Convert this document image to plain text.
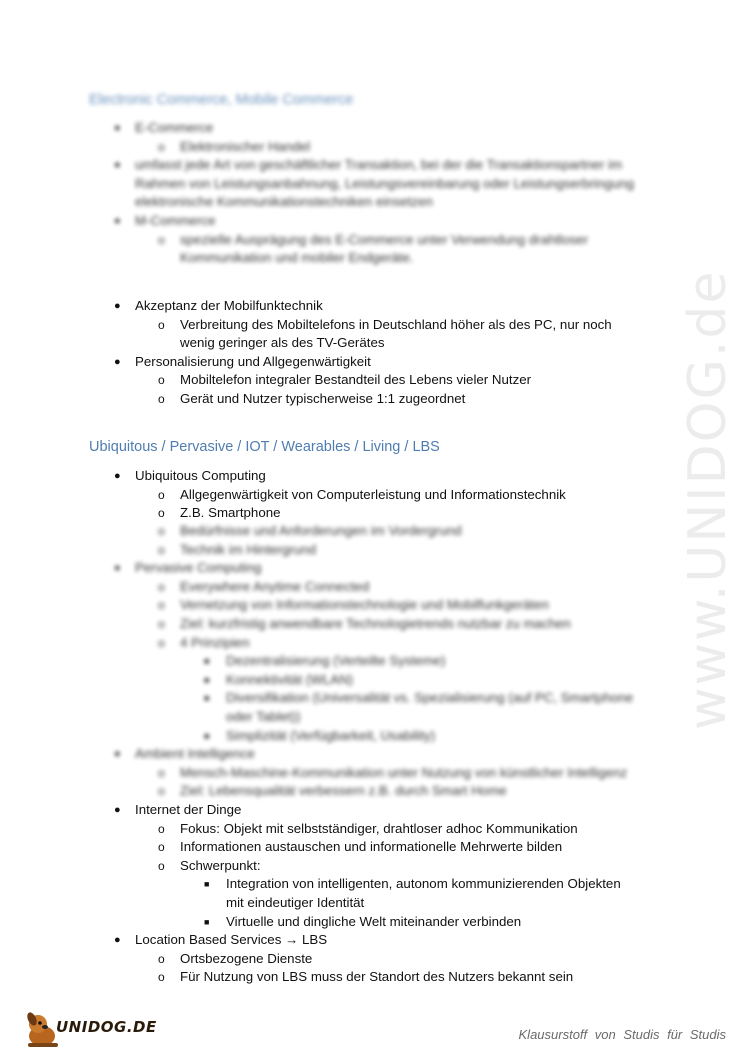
www.UNIDOG.de
Electronic Commerce, Mobile Commerce
● E-Commerce
o Elektronischer Handel
● umfasst jede Art von geschäftlicher Transaktion, bei der die Transaktionspartner im
Rahmen von Leistungsanbahnung, Leistungsvereinbarung oder Leistungserbringung
elektronische Kommunikationstechniken einsetzen
● M-Commerce
o spezielle Ausprägung des E-Commerce unter Verwendung drahtloser
Kommunikation und mobiler Endgeräte.
● Akzeptanz der Mobilfunktechnik
o Verbreitung des Mobiltelefons in Deutschland höher als des PC, nur noch
wenig geringer als des TV-Gerätes
● Personalisierung und Allgegenwärtigkeit
o Mobiltelefon integraler Bestandteil des Lebens vieler Nutzer
o Gerät und Nutzer typischerweise 1:1 zugeordnet
Ubiquitous / Pervasive / IOT / Wearables / Living / LBS
● Ubiquitous Computing
o Allgegenwärtigkeit von Computerleistung und Informationstechnik
o Z.B. Smartphone
o Bedürfnisse und Anforderungen im Vordergrund
o Technik im Hintergrund
● Pervasive Computing
o Everywhere Anytime Connected
o Vernetzung von Informationstechnologie und Mobilfunkgeräten
o Ziel: kurzfristig anwendbare Technologietrends nutzbar zu machen
o 4 Prinzipien
■ Dezentralisierung (Verteilte Systeme)
■ Konnektivität (WLAN)
■ Diversifikation (Universalität vs. Spezialisierung (auf PC, Smartphone
oder Tablet))
■ Simplizität (Verfügbarkeit, Usability)
● Ambient Intelligence
o Mensch-Maschine-Kommunikation unter Nutzung von künstlicher Intelligenz
o Ziel: Lebensqualität verbessern z.B. durch Smart Home
● Internet der Dinge
o Fokus: Objekt mit selbstständiger, drahtloser adhoc Kommunikation
o Informationen austauschen und informationelle Mehrwerte bilden
o Schwerpunkt:
■ Integration von intelligenten, autonom kommunizierenden Objekten
mit eindeutiger Identität
■ Virtuelle und dingliche Welt miteinander verbinden
● Location Based Services → LBS
o Ortsbezogene Dienste
o Für Nutzung von LBS muss der Standort des Nutzers bekannt sein
UNIDOG.DE	Klausurstoff von Studis für Studis
